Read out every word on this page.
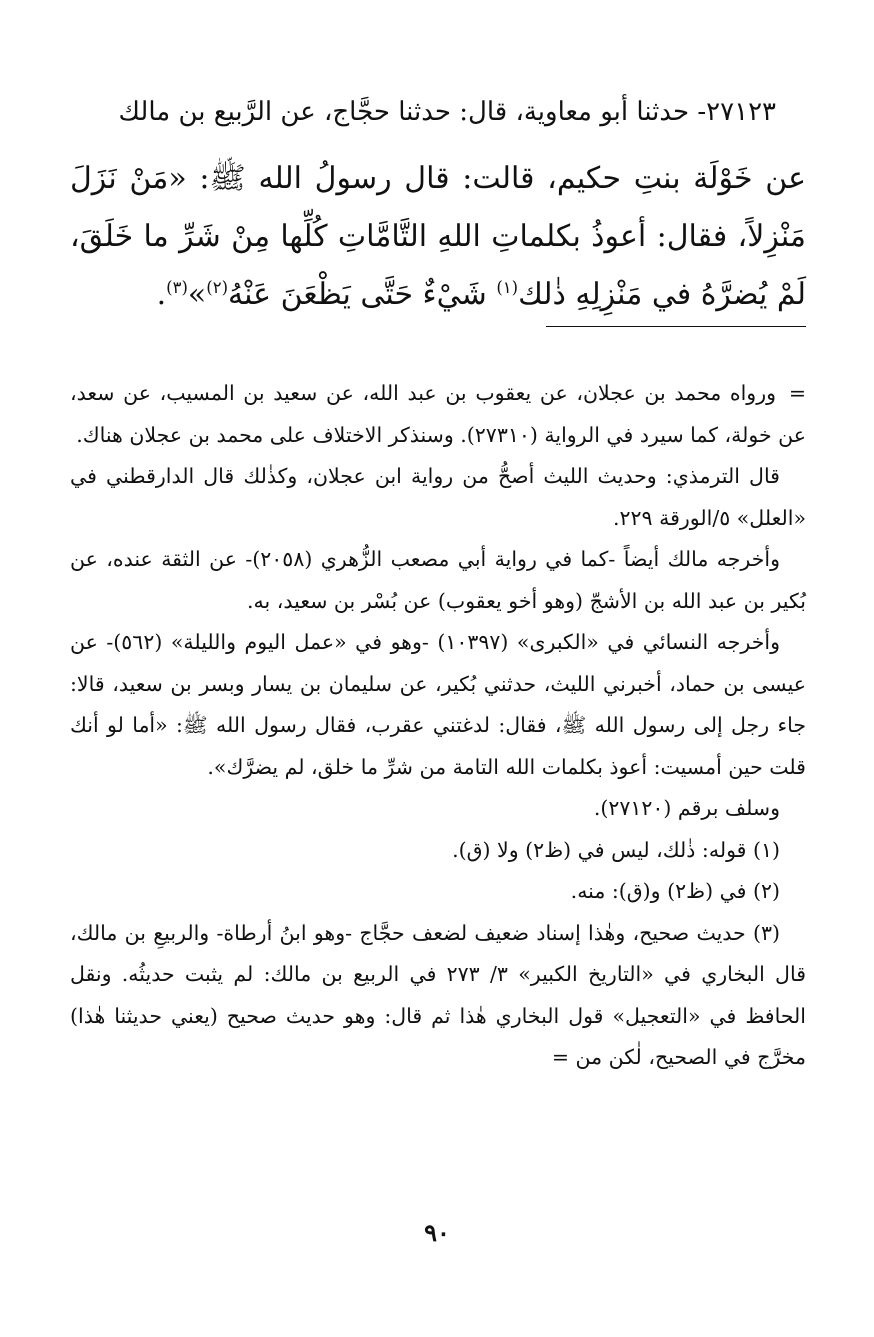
٢٧١٢٣- حدثنا أبو معاوية، قال: حدثنا حجَّاج، عن الرَّبيع بن مالك

عن خَوْلَة بنتِ حكيم، قالت: قال رسولُ الله ﷺ: «مَنْ نَزَلَ مَنْزِلاً، فقال: أعوذُ بكلماتِ اللهِ التَّامَّاتِ كُلِّها مِنْ شَرِّ ما خَلَقَ، لَمْ يُضرَّهُ في مَنْزِلِهِ ذٰلك$^{(١)}$ شَيْءٌ حَتَّى يَظْعَنَ عَنْهُ$^{(٢)}$»$^{(٣)}$.

=ورواه محمد بن عجلان، عن يعقوب بن عبد الله، عن سعيد بن المسيب، عن سعد، عن خولة، كما سيرد في الرواية (٢٧٣١٠). وسنذكر الاختلاف على محمد بن عجلان هناك.

قال الترمذي: وحديث الليث أصحُّ من رواية ابن عجلان، وكذٰلك قال الدارقطني في «العلل» ٥/الورقة ٢٢٩.

وأخرجه مالك أيضاً -كما في رواية أبي مصعب الزُّهري (٢٠٥٨)- عن الثقة عنده، عن بُكير بن عبد الله بن الأشجّ (وهو أخو يعقوب) عن بُسْر بن سعيد، به.

وأخرجه النسائي في «الكبرى» (١٠٣٩٧) -وهو في «عمل اليوم والليلة» (٥٦٢)- عن عيسى بن حماد، أخبرني الليث، حدثني بُكير، عن سليمان بن يسار وبسر بن سعيد، قالا: جاء رجل إلى رسول الله ﷺ، فقال: لدغتني عقرب، فقال رسول الله ﷺ: «أما لو أنك قلت حين أمسيت: أعوذ بكلمات الله التامة من شرِّ ما خلق، لم يضرَّك».

وسلف برقم (٢٧١٢٠).

(١) قوله: ذٰلك، ليس في (ظ٢) ولا (ق).

(٢) في (ظ٢) و(ق): منه.

(٣) حديث صحيح، وهٰذا إسناد ضعيف لضعف حجَّاج -وهو ابنُ أرطاة- والربيعِ بن مالك، قال البخاري في «التاريخ الكبير» ٣/ ٢٧٣ في الربيع بن مالك: لم يثبت حديثُه. ونقل الحافظ في «التعجيل» قول البخاري هٰذا ثم قال: وهو حديث صحيح (يعني حديثنا هٰذا) مخرَّج في الصحيح، لٰكن من =

٩٠
